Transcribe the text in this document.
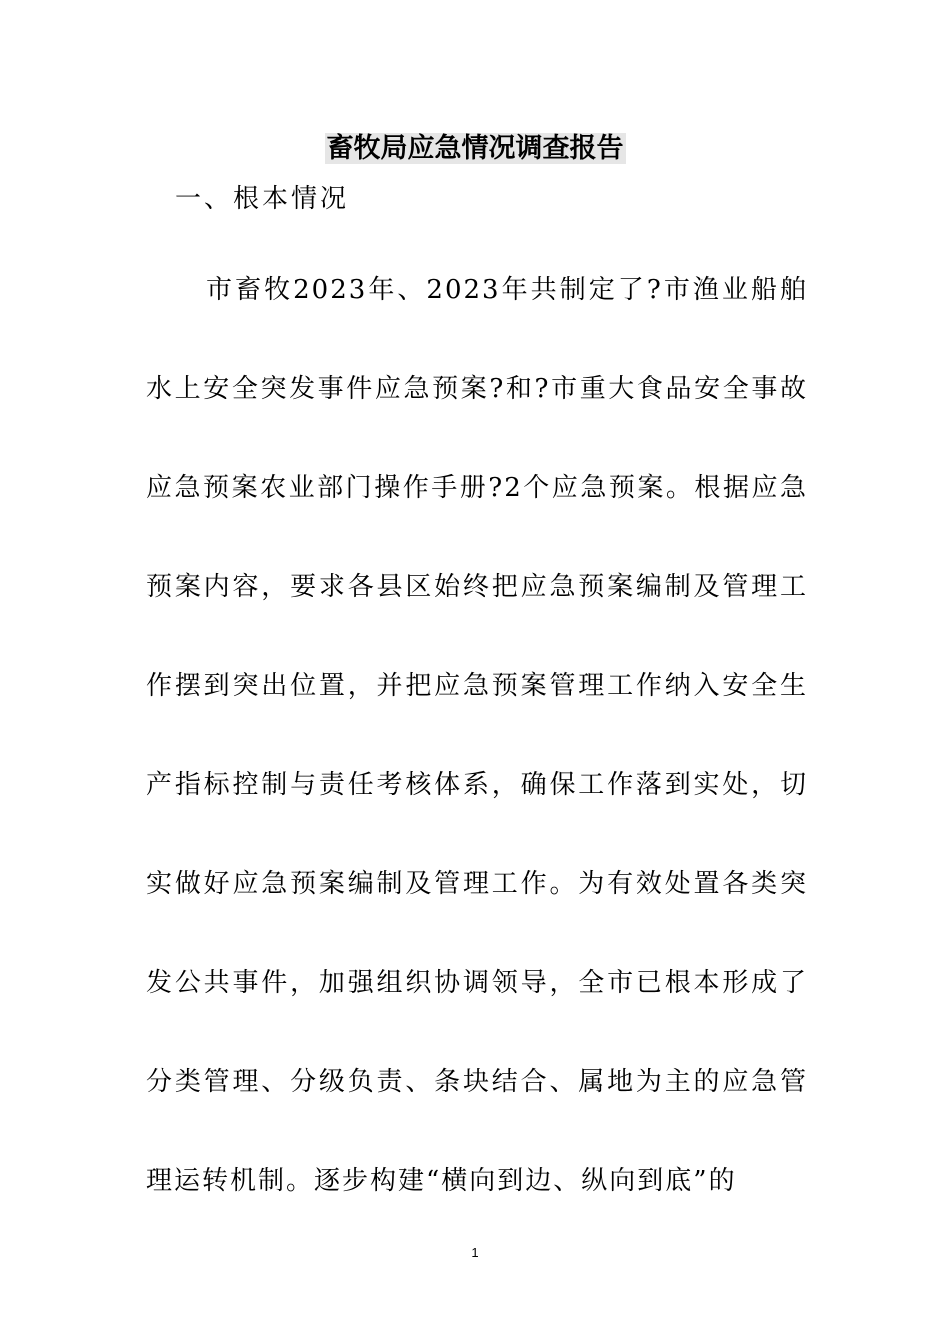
畜牧局应急情况调查报告
一、根本情况

市畜牧2023年、2023年共制定了?市渔业船舶水上安全突发事件应急预案?和?市重大食品安全事故应急预案农业部门操作手册?2个应急预案。根据应急预案内容，要求各县区始终把应急预案编制及管理工作摆到突出位置，并把应急预案管理工作纳入安全生产指标控制与责任考核体系，确保工作落到实处，切实做好应急预案编制及管理工作。为有效处置各类突发公共事件，加强组织协调领导，全市已根本形成了分类管理、分级负责、条块结合、属地为主的应急管理运转机制。逐步构建“横向到边、纵向到底”的

1
